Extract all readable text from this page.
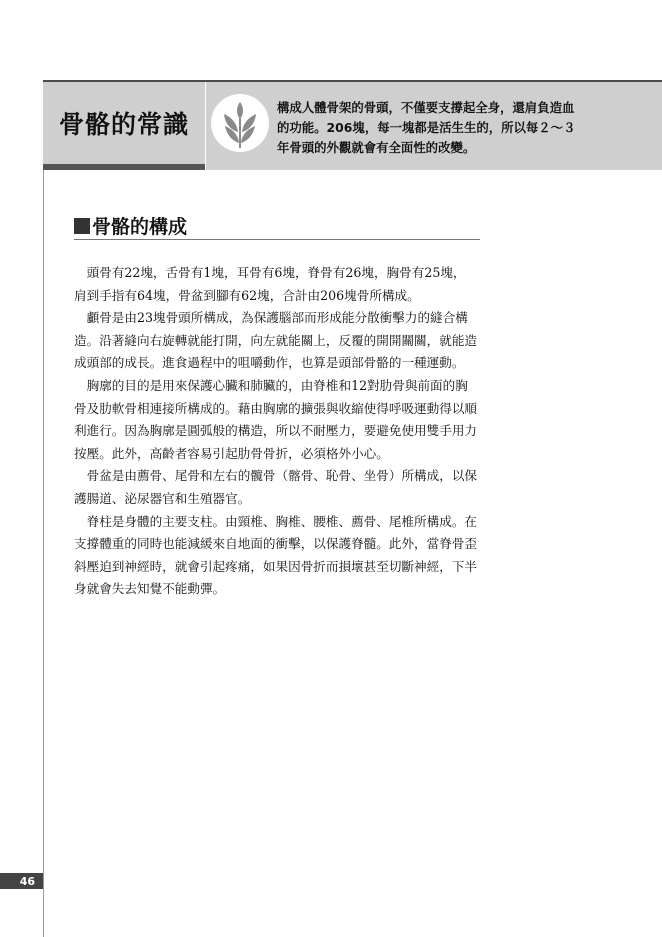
骨骼的常識
構成人體骨架的骨頭，不僅要支撐起全身，還肩負造血
的功能。206塊，每一塊都是活生生的，所以每２～３
年骨頭的外觀就會有全面性的改變。
骨骼的構成

頭骨有22塊，舌骨有1塊，耳骨有6塊，脊骨有26塊，胸骨有25塊，肩到手指有64塊，骨盆到腳有62塊，合計由206塊骨所構成。

顱骨是由23塊骨頭所構成，為保護腦部而形成能分散衝擊力的縫合構造。沿著縫向右旋轉就能打開，向左就能關上，反覆的開開關關，就能造成頭部的成長。進食過程中的咀嚼動作，也算是頭部骨骼的一種運動。

胸廓的目的是用來保護心臟和肺臟的，由脊椎和12對肋骨與前面的胸骨及肋軟骨相連接所構成的。藉由胸廓的擴張與收縮使得呼吸運動得以順利進行。因為胸廓是圓弧般的構造，所以不耐壓力，要避免使用雙手用力按壓。此外，高齡者容易引起肋骨骨折，必須格外小心。

骨盆是由薦骨、尾骨和左右的髖骨（髂骨、恥骨、坐骨）所構成，以保護腸道、泌尿器官和生殖器官。

脊柱是身體的主要支柱。由頸椎、胸椎、腰椎、薦骨、尾椎所構成。在支撐體重的同時也能減緩來自地面的衝擊，以保護脊髓。此外，當脊骨歪斜壓迫到神經時，就會引起疼痛，如果因骨折而損壞甚至切斷神經，下半身就會失去知覺不能動彈。

46
